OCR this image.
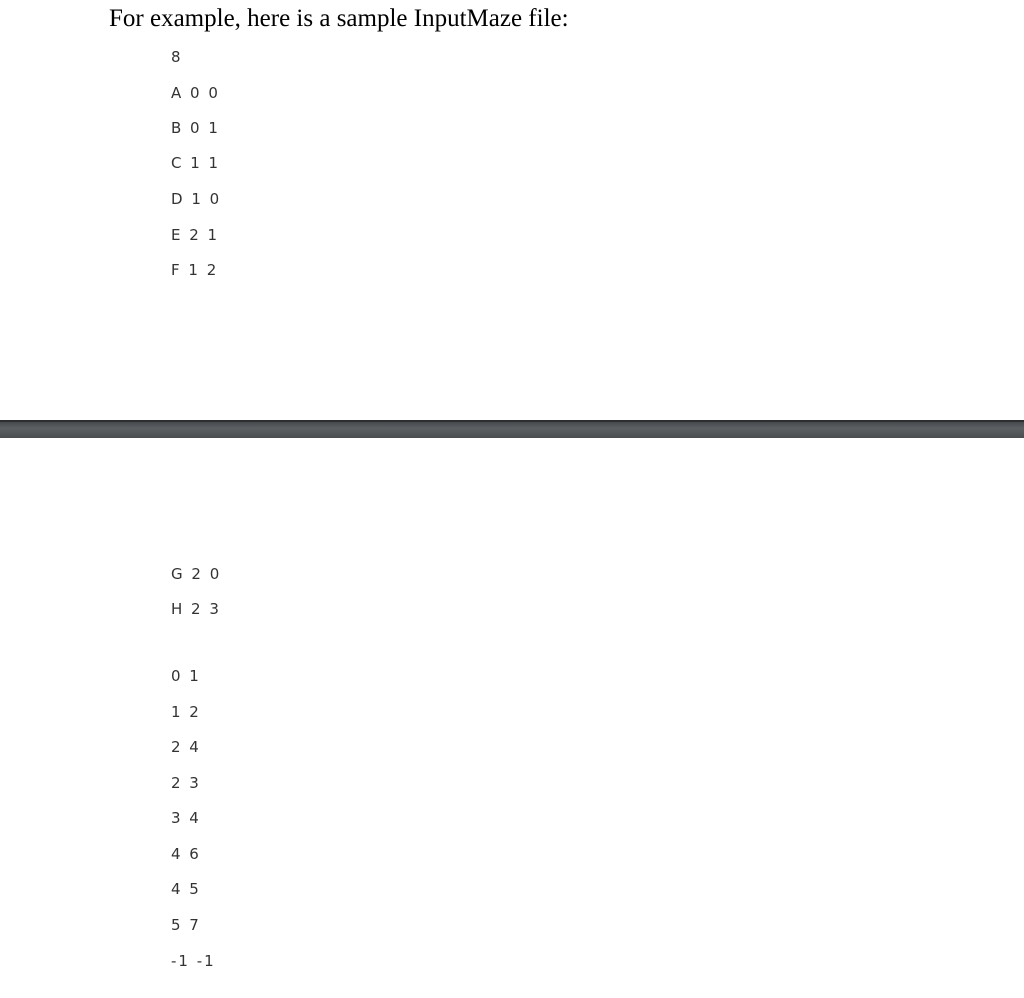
For example, here is a sample InputMaze file:

8

A 0 0

B 0 1

C 1 1

D 1 0

E 2 1

F 1 2

G 2 0

H 2 3

0 1

1 2

2 4

2 3

3 4

4 6

4 5

5 7

-1 -1
